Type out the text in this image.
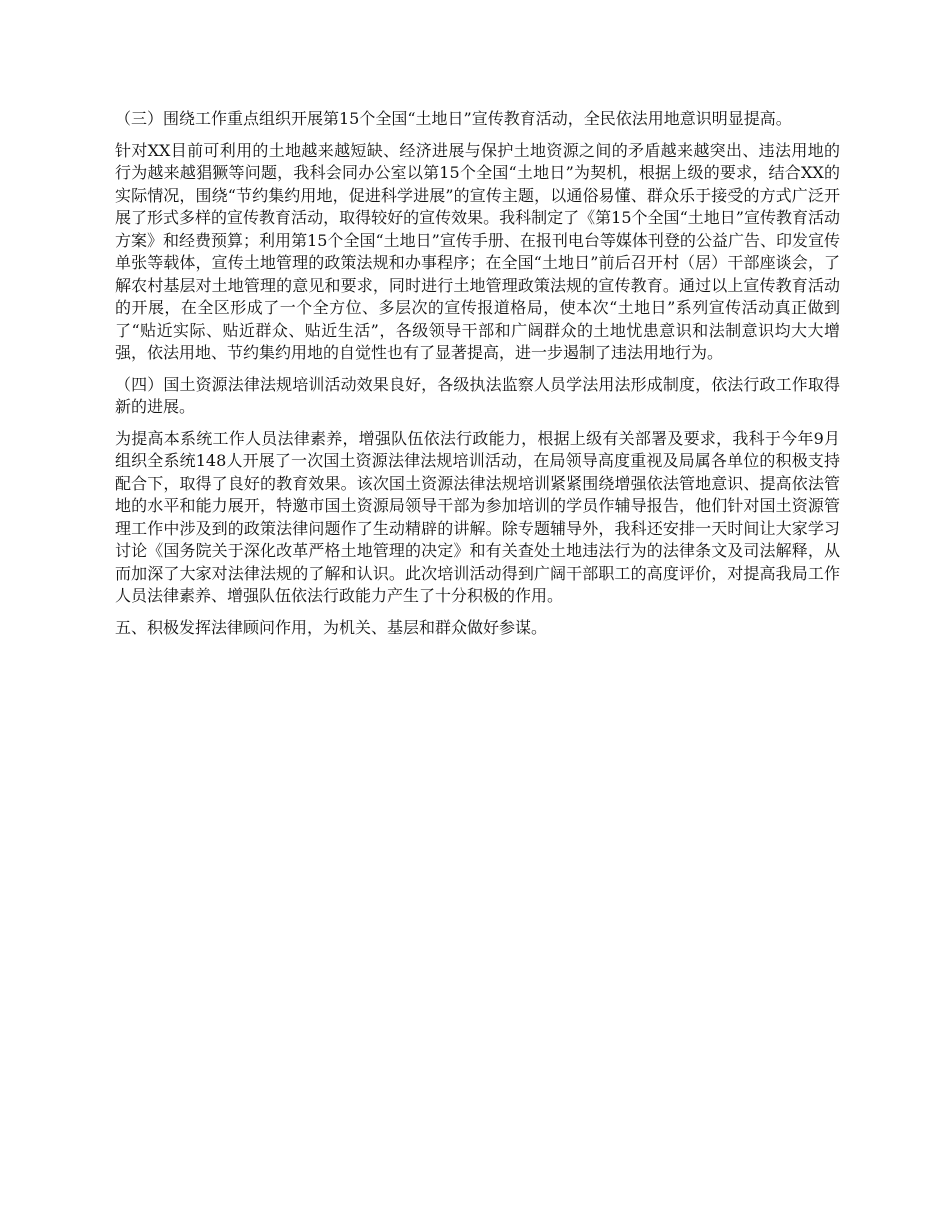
（三）围绕工作重点组织开展第15个全国“土地日”宣传教育活动，全民依法用地意识明显提高。

针对XX目前可利用的土地越来越短缺、经济进展与保护土地资源之间的矛盾越来越突出、违法用地的行为越来越猖獗等问题，我科会同办公室以第15个全国“土地日”为契机，根据上级的要求，结合XX的实际情况，围绕“节约集约用地，促进科学进展”的宣传主题，以通俗易懂、群众乐于接受的方式广泛开展了形式多样的宣传教育活动，取得较好的宣传效果。我科制定了《第15个全国“土地日”宣传教育活动方案》和经费预算；利用第15个全国“土地日”宣传手册、在报刊电台等媒体刊登的公益广告、印发宣传单张等载体，宣传土地管理的政策法规和办事程序；在全国“土地日”前后召开村（居）干部座谈会，了解农村基层对土地管理的意见和要求，同时进行土地管理政策法规的宣传教育。通过以上宣传教育活动的开展，在全区形成了一个全方位、多层次的宣传报道格局，使本次“土地日”系列宣传活动真正做到了“贴近实际、贴近群众、贴近生活”，各级领导干部和广阔群众的土地忧患意识和法制意识均大大增强，依法用地、节约集约用地的自觉性也有了显著提高，进一步遏制了违法用地行为。

（四）国土资源法律法规培训活动效果良好，各级执法监察人员学法用法形成制度，依法行政工作取得新的进展。

为提高本系统工作人员法律素养，增强队伍依法行政能力，根据上级有关部署及要求，我科于今年9月组织全系统148人开展了一次国土资源法律法规培训活动，在局领导高度重视及局属各单位的积极支持配合下，取得了良好的教育效果。该次国土资源法律法规培训紧紧围绕增强依法管地意识、提高依法管地的水平和能力展开，特邀市国土资源局领导干部为参加培训的学员作辅导报告，他们针对国土资源管理工作中涉及到的政策法律问题作了生动精辟的讲解。除专题辅导外，我科还安排一天时间让大家学习讨论《国务院关于深化改革严格土地管理的决定》和有关查处土地违法行为的法律条文及司法解释，从而加深了大家对法律法规的了解和认识。此次培训活动得到广阔干部职工的高度评价，对提高我局工作人员法律素养、增强队伍依法行政能力产生了十分积极的作用。

五、积极发挥法律顾问作用，为机关、基层和群众做好参谋。
